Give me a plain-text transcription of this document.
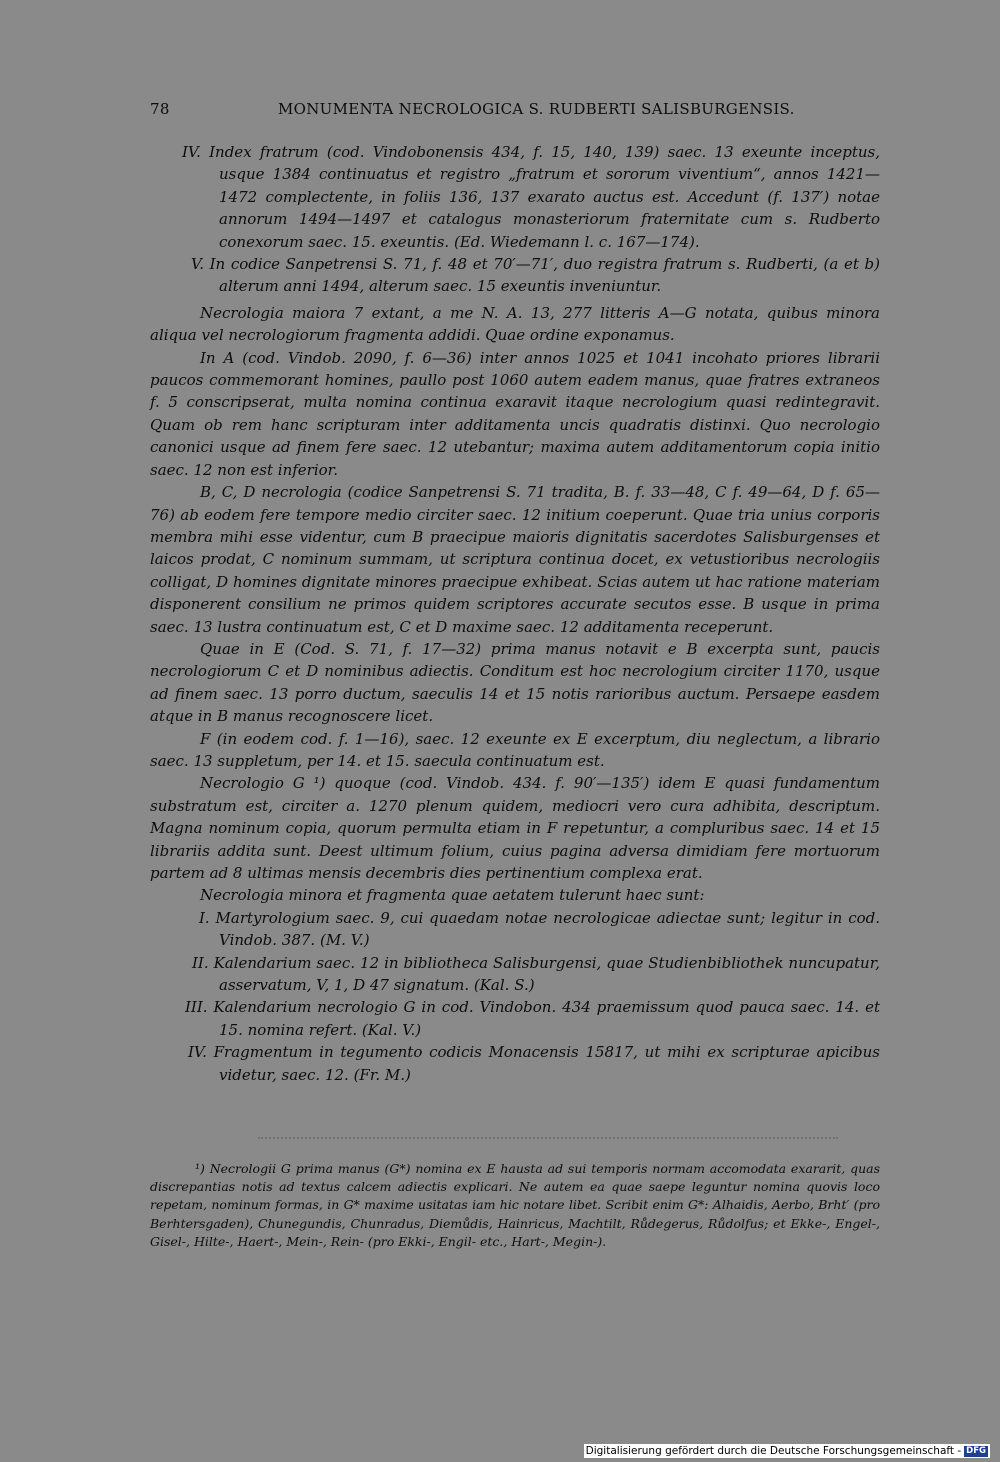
78	MONUMENTA NECROLOGICA S. RUDBERTI SALISBURGENSIS.

IV. Index fratrum (cod. Vindobonensis 434, f. 15, 140, 139) saec. 13 exeunte inceptus, usque 1384 continuatus et registro „fratrum et sororum viventium“, annos 1421—1472 complectente, in foliis 136, 137 exarato auctus est. Accedunt (f. 137′) notae annorum 1494—1497 et catalogus monasteriorum fraternitate cum s. Rudberto conexorum saec. 15. exeuntis. (Ed. Wiedemann l. c. 167—174).

V. In codice Sanpetrensi S. 71, f. 48 et 70′—71′, duo registra fratrum s. Rudberti, (a et b) alterum anni 1494, alterum saec. 15 exeuntis inveniuntur.

Necrologia maiora 7 extant, a me N. A. 13, 277 litteris A—G notata, quibus minora aliqua vel necrologiorum fragmenta addidi. Quae ordine exponamus.

In A (cod. Vindob. 2090, f. 6—36) inter annos 1025 et 1041 incohato priores librarii paucos commemorant homines, paullo post 1060 autem eadem manus, quae fratres extraneos f. 5 conscripserat, multa nomina continua exaravit itaque necrologium quasi redintegravit. Quam ob rem hanc scripturam inter additamenta uncis quadratis distinxi. Quo necrologio canonici usque ad finem fere saec. 12 utebantur; maxima autem additamentorum copia initio saec. 12 non est inferior.

B, C, D necrologia (codice Sanpetrensi S. 71 tradita, B. f. 33—48, C f. 49—64, D f. 65—76) ab eodem fere tempore medio circiter saec. 12 initium coeperunt. Quae tria unius corporis membra mihi esse videntur, cum B praecipue maioris dignitatis sacerdotes Salisburgenses et laicos prodat, C nominum summam, ut scriptura continua docet, ex vetustioribus necrologiis colligat, D homines dignitate minores praecipue exhibeat. Scias autem ut hac ratione materiam disponerent consilium ne primos quidem scriptores accurate secutos esse. B usque in prima saec. 13 lustra continuatum est, C et D maxime saec. 12 additamenta receperunt.

Quae in E (Cod. S. 71, f. 17—32) prima manus notavit e B excerpta sunt, paucis necrologiorum C et D nominibus adiectis. Conditum est hoc necrologium circiter 1170, usque ad finem saec. 13 porro ductum, saeculis 14 et 15 notis rarioribus auctum. Persaepe easdem atque in B manus recognoscere licet.

F (in eodem cod. f. 1—16), saec. 12 exeunte ex E excerptum, diu neglectum, a librario saec. 13 suppletum, per 14. et 15. saecula continuatum est.

Necrologio G ¹) quoque (cod. Vindob. 434. f. 90′—135′) idem E quasi fundamentum substratum est, circiter a. 1270 plenum quidem, mediocri vero cura adhibita, descriptum. Magna nominum copia, quorum permulta etiam in F repetuntur, a compluribus saec. 14 et 15 librariis addita sunt. Deest ultimum folium, cuius pagina adversa dimidiam fere mortuorum partem ad 8 ultimas mensis decembris dies pertinentium complexa erat.

Necrologia minora et fragmenta quae aetatem tulerunt haec sunt:

I. Martyrologium saec. 9, cui quaedam notae necrologicae adiectae sunt; legitur in cod. Vindob. 387. (M. V.)

II. Kalendarium saec. 12 in bibliotheca Salisburgensi, quae Studienbibliothek nuncupatur, asservatum, V, 1, D 47 signatum. (Kal. S.)

III. Kalendarium necrologio G in cod. Vindobon. 434 praemissum quod pauca saec. 14. et 15. nomina refert. (Kal. V.)

IV. Fragmentum in tegumento codicis Monacensis 15817, ut mihi ex scripturae apicibus videtur, saec. 12. (Fr. M.)

¹) Necrologii G prima manus (G*) nomina ex E hausta ad sui temporis normam accomodata exararit, quas discrepantias notis ad textus calcem adiectis explicari. Ne autem ea quae saepe leguntur nomina quovis loco repetam, nominum formas, in G* maxime usitatas iam hic notare libet. Scribit enim G*: Alhaidis, Aerbo, Brht′ (pro Berhtersgaden), Chunegundis, Chunradus, Diemůdis, Hainricus, Machtilt, Růdegerus, Růdolfus; et Ekke-, Engel-, Gisel-, Hilte-, Haert-, Mein-, Rein- (pro Ekki-, Engil- etc., Hart-, Megin-).

Digitalisierung gefördert durch die Deutsche Forschungsgemeinschaft - DFG
